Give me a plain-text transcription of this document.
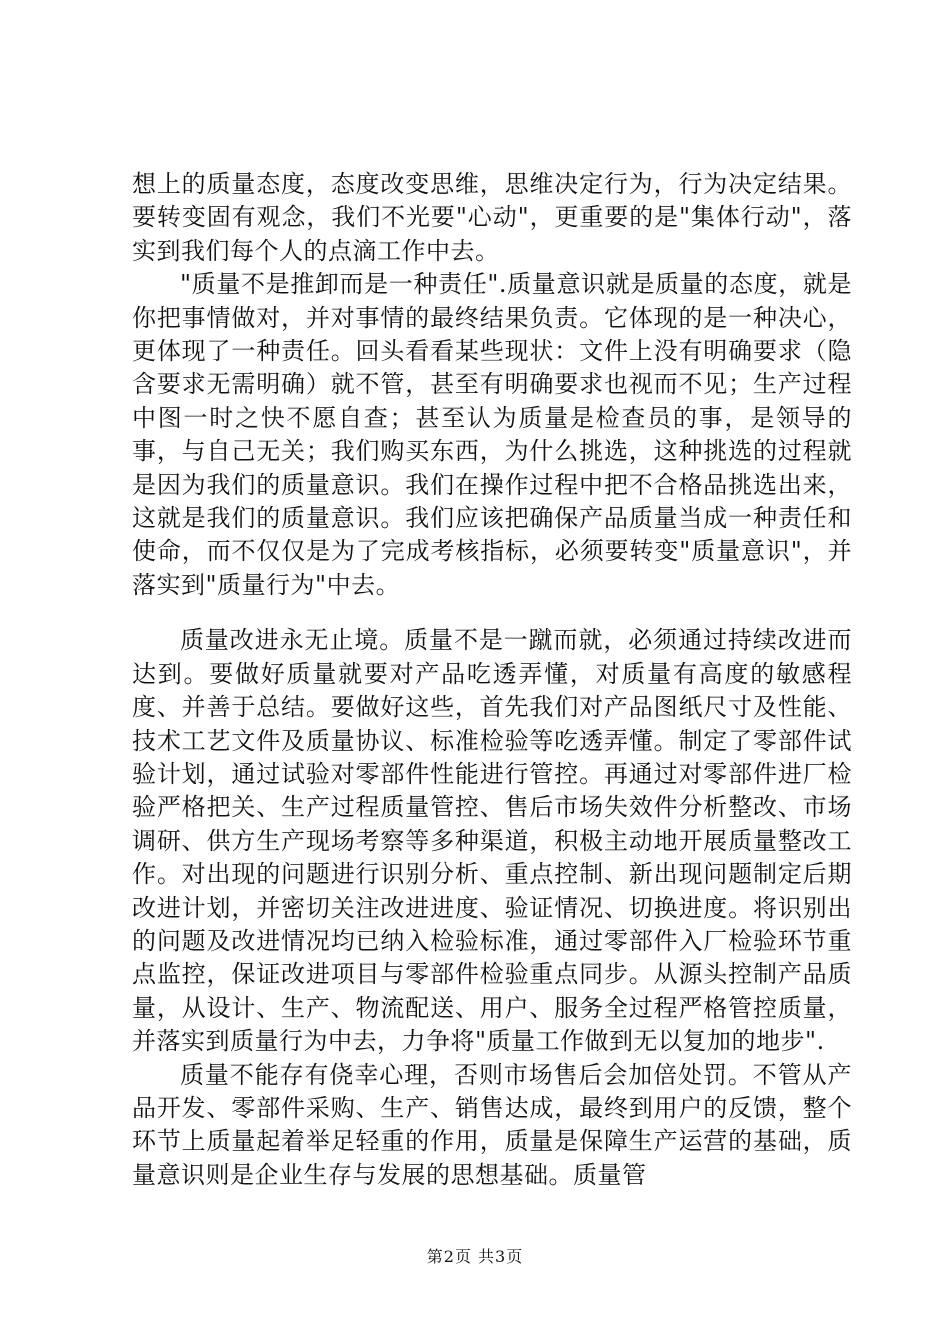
想上的质量态度，态度改变思维，思维决定行为，行为决定结果。要转变固有观念，我们不光要"心动"，更重要的是"集体行动"，落实到我们每个人的点滴工作中去。

"质量不是推卸而是一种责任".质量意识就是质量的态度，就是你把事情做对，并对事情的最终结果负责。它体现的是一种决心，更体现了一种责任。回头看看某些现状：文件上没有明确要求（隐含要求无需明确）就不管，甚至有明确要求也视而不见；生产过程中图一时之快不愿自查；甚至认为质量是检查员的事，是领导的事，与自己无关；我们购买东西，为什么挑选，这种挑选的过程就是因为我们的质量意识。我们在操作过程中把不合格品挑选出来，这就是我们的质量意识。我们应该把确保产品质量当成一种责任和使命，而不仅仅是为了完成考核指标，必须要转变"质量意识"，并落实到"质量行为"中去。

质量改进永无止境。质量不是一蹴而就，必须通过持续改进而达到。要做好质量就要对产品吃透弄懂，对质量有高度的敏感程度、并善于总结。要做好这些，首先我们对产品图纸尺寸及性能、技术工艺文件及质量协议、标准检验等吃透弄懂。制定了零部件试验计划，通过试验对零部件性能进行管控。再通过对零部件进厂检验严格把关、生产过程质量管控、售后市场失效件分析整改、市场调研、供方生产现场考察等多种渠道，积极主动地开展质量整改工作。对出现的问题进行识别分析、重点控制、新出现问题制定后期改进计划，并密切关注改进进度、验证情况、切换进度。将识别出的问题及改进情况均已纳入检验标准，通过零部件入厂检验环节重点监控，保证改进项目与零部件检验重点同步。从源头控制产品质量，从设计、生产、物流配送、用户、服务全过程严格管控质量，并落实到质量行为中去，力争将"质量工作做到无以复加的地步".

质量不能存有侥幸心理，否则市场售后会加倍处罚。不管从产品开发、零部件采购、生产、销售达成，最终到用户的反馈，整个环节上质量起着举足轻重的作用，质量是保障生产运营的基础，质量意识则是企业生存与发展的思想基础。质量管

第2页 共3页
